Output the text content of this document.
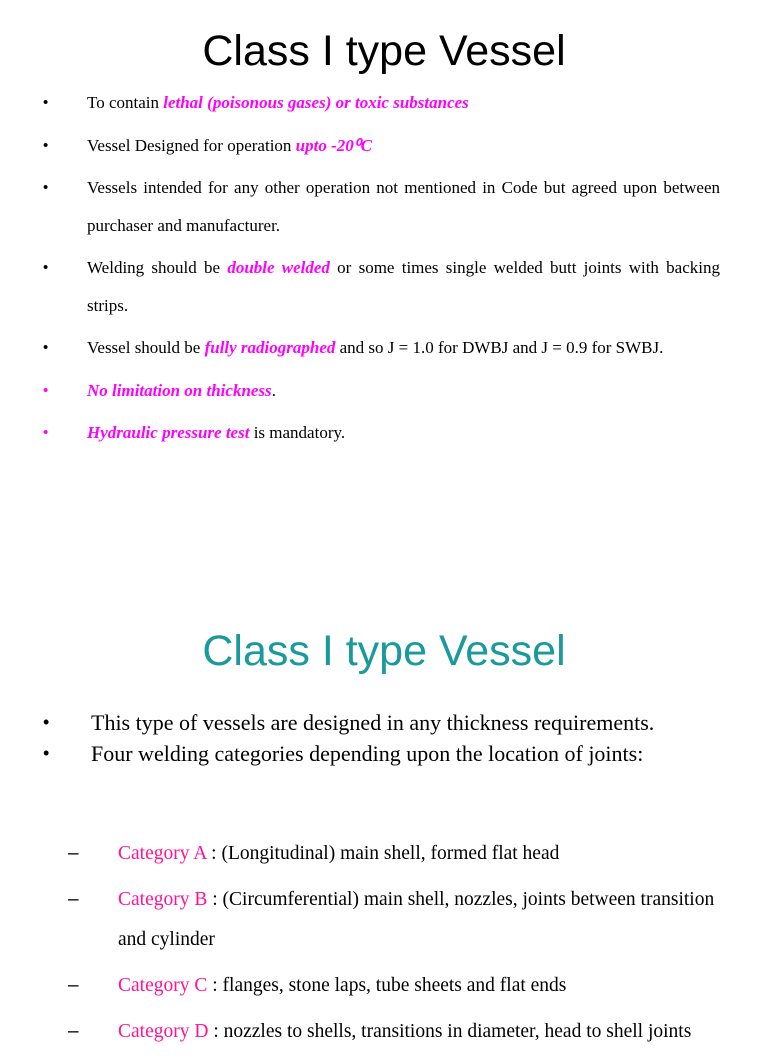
Class I type Vessel
• To contain lethal (poisonous gases) or toxic substances
• Vessel Designed for operation upto -20⁰C
• Vessels intended for any other operation not mentioned in Code but agreed upon between purchaser and manufacturer.
• Welding should be double welded or some times single welded butt joints with backing strips.
• Vessel should be fully radiographed and so J = 1.0 for DWBJ and J = 0.9 for SWBJ.
• No limitation on thickness.
• Hydraulic pressure test is mandatory.
Class I type Vessel
• This type of vessels are designed in any thickness requirements.
• Four welding categories depending upon the location of joints:
– Category A : (Longitudinal) main shell, formed flat head
– Category B : (Circumferential) main shell, nozzles, joints between transition and cylinder
– Category C : flanges, stone laps, tube sheets and flat ends
– Category D : nozzles to shells, transitions in diameter, head to shell joints
